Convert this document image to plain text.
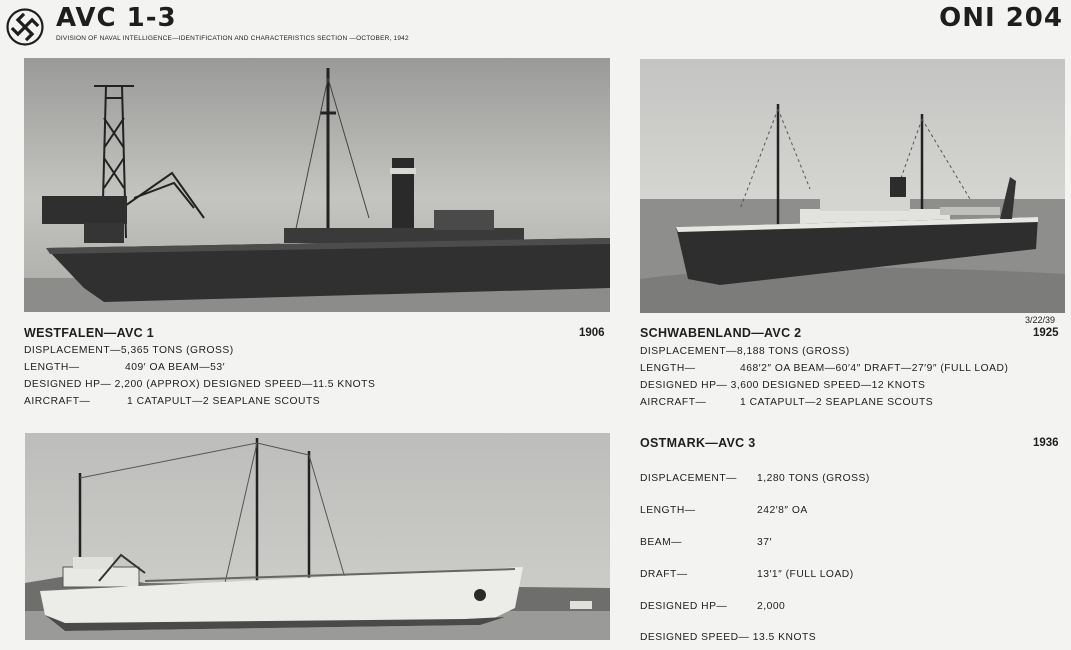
AVC 1-3
DIVISION OF NAVAL INTELLIGENCE—IDENTIFICATION AND CHARACTERISTICS SECTION —OCTOBER, 1942
ONI 204
WESTFALEN—AVC 1	1906
DISPLACEMENT—5,365 TONS (GROSS)
LENGTH—	409′ OA BEAM—53′
DESIGNED HP— 2,200 (APPROX) DESIGNED SPEED—11.5 KNOTS
AIRCRAFT—	1 CATAPULT—2 SEAPLANE SCOUTS
3/22/39
SCHWABENLAND—AVC 2	1925
DISPLACEMENT—8,188 TONS (GROSS)
LENGTH—	468′2″ OA BEAM—60′4″ DRAFT—27′9″ (FULL LOAD)
DESIGNED HP— 3,600 DESIGNED SPEED—12 KNOTS
AIRCRAFT—	1 CATAPULT—2 SEAPLANE SCOUTS
OSTMARK—AVC 3	1936
DISPLACEMENT— 1,280 TONS (GROSS)
LENGTH—	242′8″ OA
BEAM—	37′
DRAFT—	13′1″ (FULL LOAD)
DESIGNED HP—	2,000
DESIGNED SPEED— 13.5 KNOTS
